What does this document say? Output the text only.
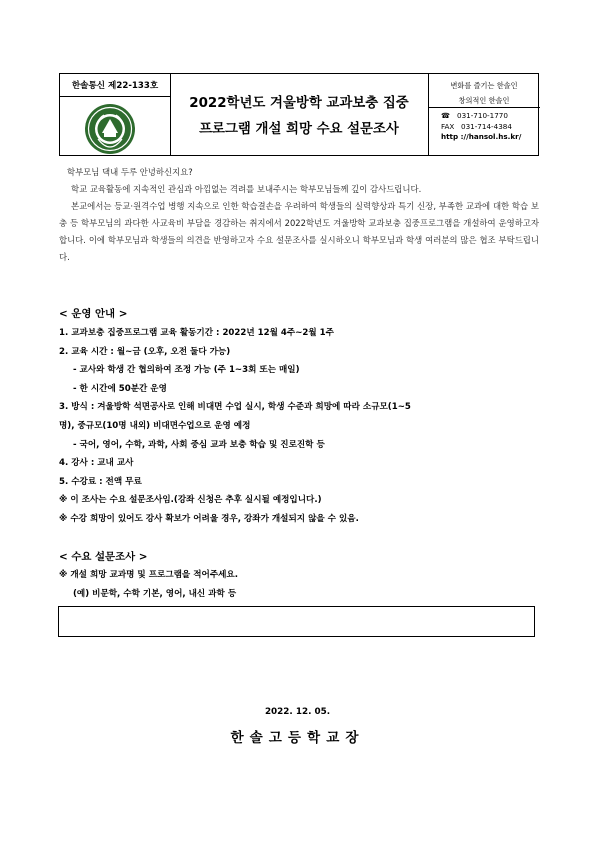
한솔통신 제22-133호
2022학년도 겨울방학 교과보충 집중
프로그램 개설 희망 수요 설문조사
변화를 즐기는 한솔인
창의적인 한솔인
☎ 031-710-1770
FAX 031-714-4384
http ://hansol.hs.kr/

학부모님 댁내 두루 안녕하신지요?

학교 교육활동에 지속적인 관심과 아낌없는 격려를 보내주시는 학부모님들께 깊이 감사드립니다.

본교에서는 등교·원격수업 병행 지속으로 인한 학습결손을 우려하여 학생들의 실력향상과 특기 신장, 부족한 교과에 대한 학습 보충 등 학부모님의 과다한 사교육비 부담을 경감하는 취지에서 2022학년도 겨울방학 교과보충 집중프로그램을 개설하여 운영하고자 합니다. 이에 학부모님과 학생들의 의견을 반영하고자 수요 설문조사를 실시하오니 학부모님과 학생 여러분의 많은 협조 부탁드립니다.

< 운영 안내 >
1. 교과보충 집중프로그램 교육 활동기간 : 2022년 12월 4주~2월 1주
2. 교육 시간 : 월~금 (오후, 오전 둘다 가능)
- 교사와 학생 간 협의하여 조정 가능 (주 1~3회 또는 매일)
- 한 시간에 50분간 운영
3. 방식 : 겨울방학 석면공사로 인해 비대면 수업 실시, 학생 수준과 희망에 따라 소규모(1~5
명), 중규모(10명 내외) 비대면수업으로 운영 예정
- 국어, 영어, 수학, 과학, 사회 중심 교과 보충 학습 및 진로진학 등
4. 강사 : 교내 교사
5. 수강료 : 전액 무료
※ 이 조사는 수요 설문조사임.(강좌 신청은 추후 실시될 예정입니다.)
※ 수강 희망이 있어도 강사 확보가 어려울 경우, 강좌가 개설되지 않을 수 있음.
< 수요 설문조사 >
※ 개설 희망 교과명 및 프로그램을 적어주세요.
(예) 비문학, 수학 기본, 영어, 내신 과학 등
2022. 12. 05.
한솔고등학교장
